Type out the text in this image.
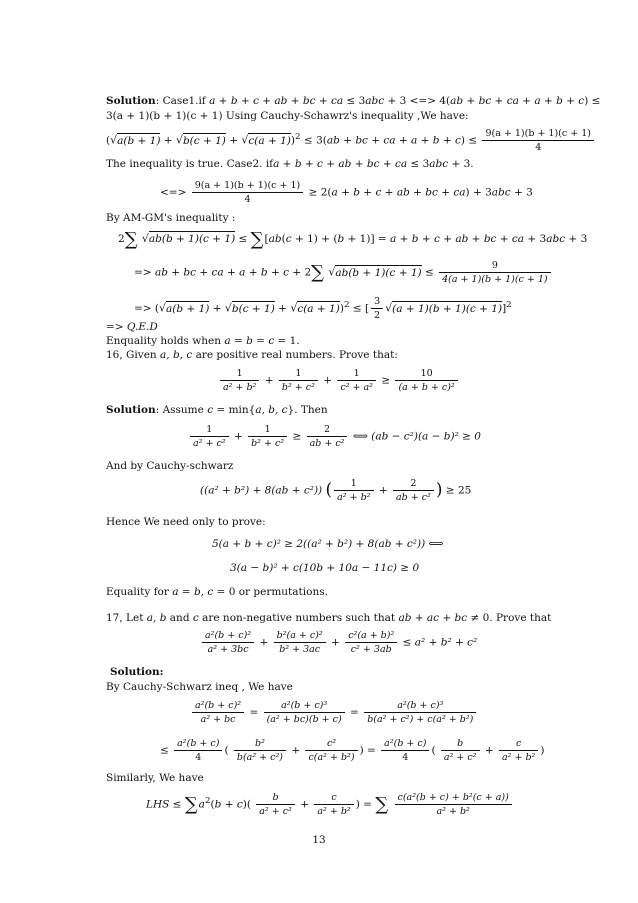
Solution: Case1.if a + b + c + ab + bc + ca ≤ 3abc + 3 <=> 4(ab + bc + ca + a + b + c) ≤
3(a + 1)(b + 1)(c + 1) Using Cauchy-Schawrz's inequality ,We have:
$(√a(b + 1) + √b(c + 1) + √c(a + 1))^2 \le 3(ab$ + bc + ca + $a + b + c) \le \frac{9(a + 1)(b + 1)(c + 1)}{4}$
The inequality is true. Case2. ifa + b + c + ab + bc + ca ≤ 3abc + 3.
<=> $\frac{9(a + 1)(b + 1)(c + 1)}{4} \ge 2(a + b + c$ + ab + bc + ca) + 3abc + 3
By AM-GM's inequality :
2∑ √ab(b + 1)(c + 1) ≤ ∑[ab(c + 1) + (b + 1)] = a + b + c + ab + bc + ca + 3abc + 3
=> ab + bc + ca + a + b + c + 2∑ $√ab(b + 1)(c + 1) \le \frac{9}{4(a + 1)(b + 1)(c + 1)}$
=> $(√a(b + 1) + √b(c + 1) + √c(a + 1))^2$ ≤ [ $\frac{3}{2} √(a + 1)(b + 1)(c + 1)]^2$
=> Q.E.D
Enquality holds when a = b = c = 1.
16, Given a, b, c are positive real numbers. Prove that:
$\frac{1}{\text{a² + b²}} + \frac{1}{\text{b² + c²}} + \frac{1}{\text{c² + a²}} \ge \frac{10}{\text{(a + b + c)²}}$
Solution: Assume c = min{a, b, c}. Then
$\frac{1}{\text{a² + c²}} + \frac{1}{\text{b² + c²}} \ge \frac{2}{\text{ab + c²}}$ ⟺ (ab − c²)(a − b)² ≥ 0
And by Cauchy-schwarz
((a² + b²) + 8(ab + c²)) ( $\frac{1}{\text{a² + b²}} + \frac{2}{\text{ab + c²}}$ ) ≥ 25
Hence We need only to prove:
5(a + b + c)² ≥ 2((a² + b²) + 8(ab + c²)) ⟺
3(a − b)² + c(10b + 10a − 11c) ≥ 0
Equality for a = b, c = 0 or permutations.
17, Let a, b and c are non-negative numbers such that ab + ac + bc ≠ 0. Prove that
$\frac{\text{a²(b + c)²}}{\text{a² + 3bc}} + \frac{\text{b²(a + c)²}}{\text{b² + 3ac}} + \frac{\text{c²(a + b)²}}{\text{c² + 3ab}} \le a^2 + b^2 + c^2$
Solution:
By Cauchy-Schwarz ineq , We have
$\frac{\text{a²(b + c)²}}{\text{a² + bc}} = \frac{\text{a²(b + c)³}}{\text{(a² + bc)(b + c)}} = \frac{\text{a²(b + c)³}}{\text{b(a² + c²) + c(a² + b²)}}$
≤ $\frac{\text{a²(b + c)}}{4}$ ( $\frac{\text{b²}}{\text{b(a² + c²)}} + \frac{\text{c²}}{\text{c(a² + b²)}}$ ) = $\frac{\text{a²(b + c)}}{4}$ ( $\frac{b}{\text{a² + c²}} + \frac{c}{\text{a² + b²}}$ )
Similarly, We have
LHS ≤ $\sum a^2(b + c)( \frac{b}{\text{a² + c²}} + \frac{c}{\text{a² + b²}}$ ) = ∑ $\frac{\text{c(a²(b + c) + b²(c + a))}}{\text{a² + b²}}$
13
